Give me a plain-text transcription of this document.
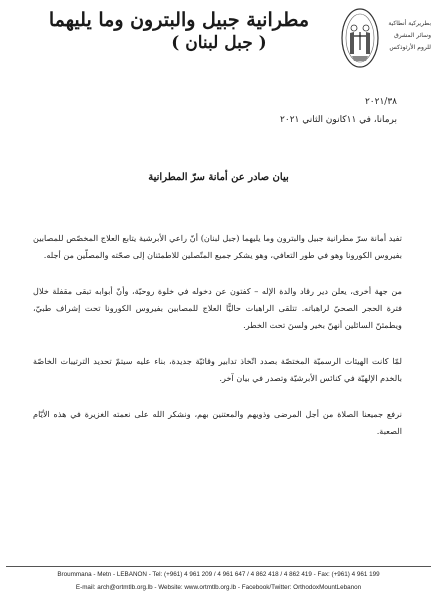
مطرانية جبيل والبترون وما يليهما
( جبل لبنان )
بطريركية أنطاكية
وسائر المشرق
للروم الأرثوذكس
٢٠٢١/٣٨
برمانا، في ١١كانون الثاني ٢٠٢١
بيان صادر عن أمانة سرّ المطرانية

تفيد أمانة سرّ مطرانية جبيل والبترون وما يليهما (جبل لبنان) أنّ راعي الأبرشية يتابع العلاج المخصّص للمصابين بفيروس الكورونا وهو في طور التعافي، وهو يشكر جميع المتّصلين للاطمئنان إلى صحّته والمصلّين من أجله.

من جهة أخرى، يعلن دير رقاد والدة الإله – كفتون عن دخوله في خلوة روحيّة، وأنّ أبوابه تبقى مقفلة خلال فترة الحجر الصحيّ لراهباته. تتلقى الراهبات حاليًّا العلاج للمصابين بفيروس الكورونا تحت إشراف طبيّ، ويطمئنّ السائلين أنهنّ بخير ولسنَ تحت الخطر.

لمّا كانت الهيئات الرسميّة المختصّة بصدد اتّخاذ تدابير وقائيّة جديدة، بناء عليه سيتمّ تحديد الترتيبات الخاصّة بالخدم الإلهيّة في كنائس الأبرشيّة وتصدر في بيان آخر.

نرفع جميعنا الصلاة من أجل المرضى وذويهم والمعتنين بهم، ونشكر الله على نعمته الغزيرة في هذه الأيّام الصعبة.

Broummana - Metn - LEBANON - Tel: (+961) 4 961 209 / 4 961 647 / 4 862 418 / 4 862 419 - Fax: (+961) 4 961 199
E-mail: arch@ortmtlb.org.lb - Website: www.ortmtlb.org.lb - Facebook/Twitter: OrthodoxMountLebanon
